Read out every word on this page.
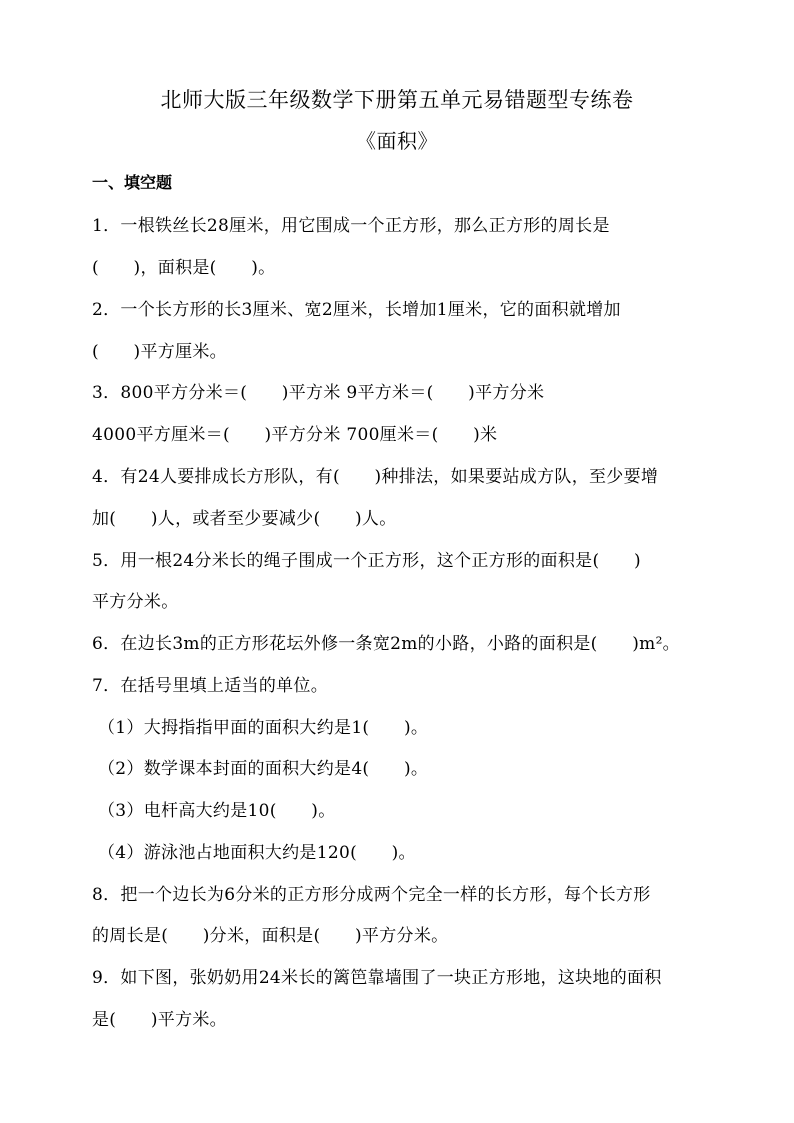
北师大版三年级数学下册第五单元易错题型专练卷
《面积》
一、填空题
1．一根铁丝长28厘米，用它围成一个正方形，那么正方形的周长是
(　　)，面积是(　　)。
2．一个长方形的长3厘米、宽2厘米，长增加1厘米，它的面积就增加
(　　)平方厘米。
3．800平方分米＝(　　)平方米 9平方米＝(　　)平方分米
4000平方厘米＝(　　)平方分米 700厘米＝(　　)米
4．有24人要排成长方形队，有(　　)种排法，如果要站成方队，至少要增
加(　　)人，或者至少要减少(　　)人。
5．用一根24分米长的绳子围成一个正方形，这个正方形的面积是(　　)
平方分米。
6．在边长3m的正方形花坛外修一条宽2m的小路，小路的面积是(　　)m²。
7．在括号里填上适当的单位。
（1）大拇指指甲面的面积大约是1(　　)。
（2）数学课本封面的面积大约是4(　　)。
（3）电杆高大约是10(　　)。
（4）游泳池占地面积大约是120(　　)。
8．把一个边长为6分米的正方形分成两个完全一样的长方形，每个长方形
的周长是(　　)分米，面积是(　　)平方分米。
9．如下图，张奶奶用24米长的篱笆靠墙围了一块正方形地，这块地的面积
是(　　)平方米。
